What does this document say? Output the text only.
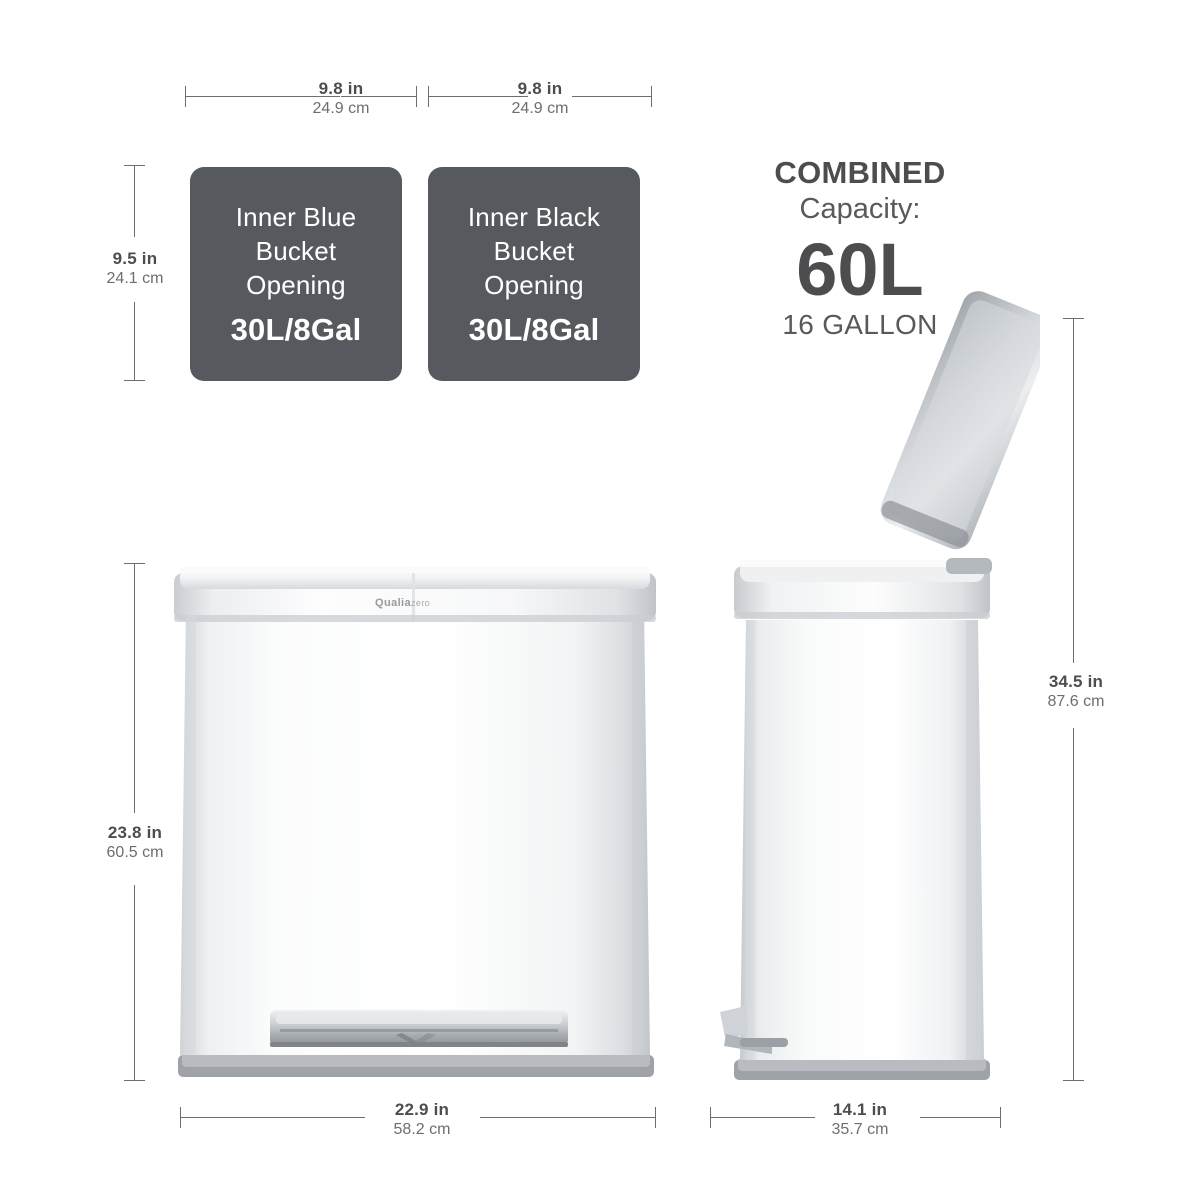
9.8 in
24.9 cm
9.8 in
24.9 cm
9.5 in
24.1 cm
Inner Blue
Bucket
Opening
30L/8Gal
Inner Black
Bucket
Opening
30L/8Gal
COMBINED
Capacity:
60L
16 GALLON
Qualiazero
23.8 in
60.5 cm
34.5 in
87.6 cm
22.9 in
58.2 cm
14.1 in
35.7 cm
